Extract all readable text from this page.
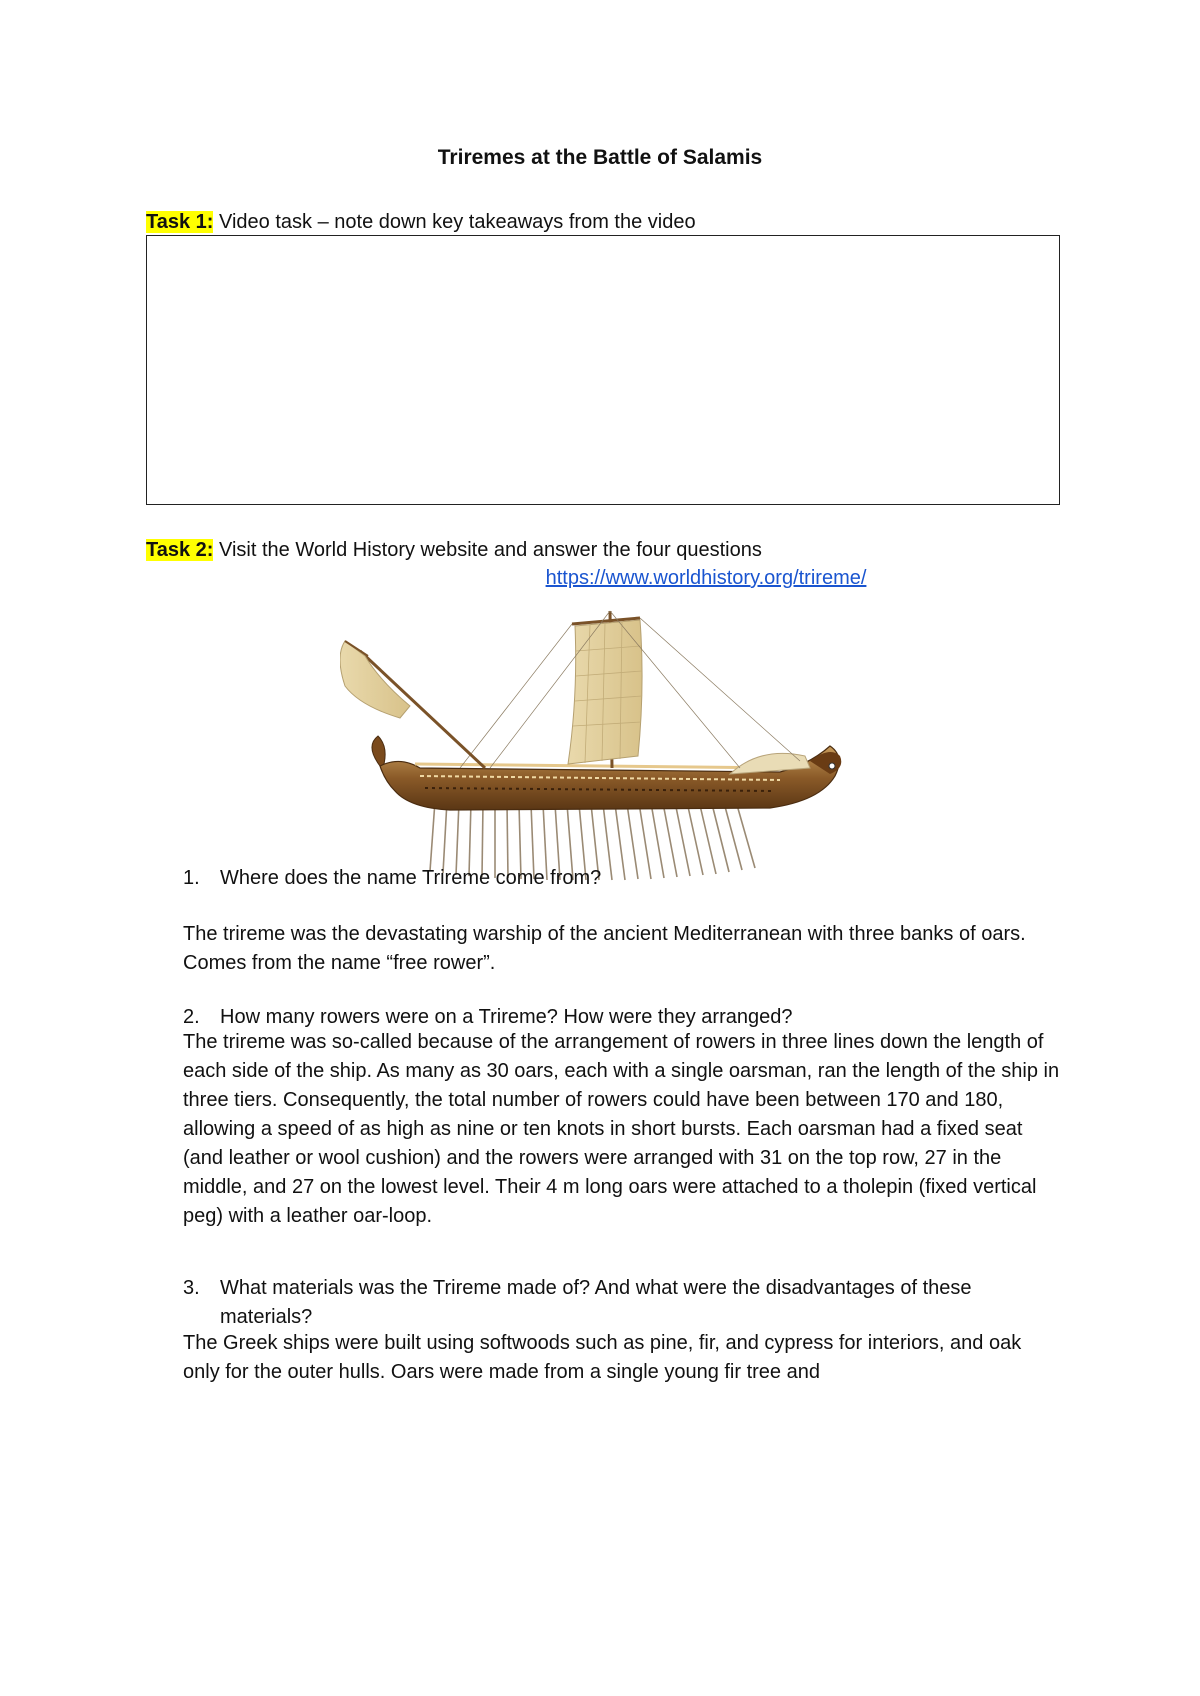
Triremes at the Battle of Salamis
Task 1: Video task – note down key takeaways from the video
Task 2: Visit the World History website and answer the four questions
https://www.worldhistory.org/trireme/
1.	Where does the name Trireme come from?
The trireme was the devastating warship of the ancient Mediterranean with three banks of oars. Comes from the name “free rower”.
2.	How many rowers were on a Trireme? How were they arranged?
The trireme was so-called because of the arrangement of rowers in three lines down the length of each side of the ship. As many as 30 oars, each with a single oarsman, ran the length of the ship in three tiers. Consequently, the total number of rowers could have been between 170 and 180, allowing a speed of as high as nine or ten knots in short bursts. Each oarsman had a fixed seat (and leather or wool cushion) and the rowers were arranged with 31 on the top row, 27 in the middle, and 27 on the lowest level. Their 4 m long oars were attached to a tholepin (fixed vertical peg) with a leather oar-loop.
3.	What materials was the Trireme made of? And what were the disadvantages of these materials?
The Greek ships were built using softwoods such as pine, fir, and cypress for interiors, and oak only for the outer hulls. Oars were made from a single young fir tree and
